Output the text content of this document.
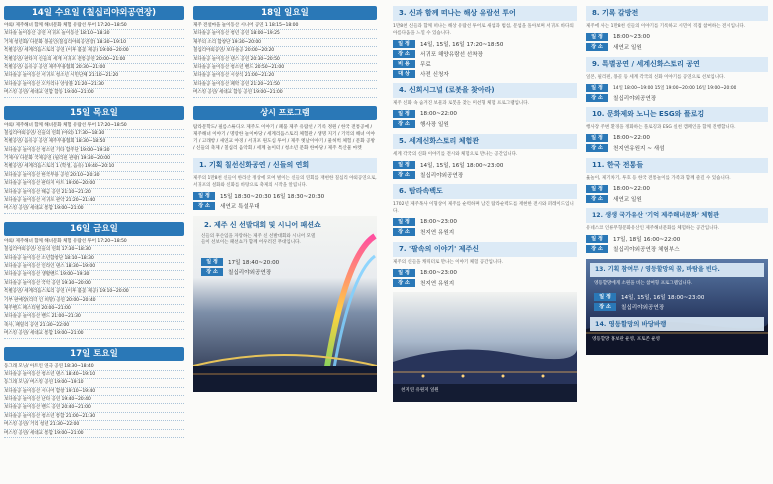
14일 수요일 (칠십리야외공연장)
야외/ 제주해녀 함께 해녀문화 체험 유람선 투어 17:20~18:50
보다솔 놀이동산 공연 서귀포 놀이동산 18:10~18:30
거제 청년회/ 다문화 몽골인(칠십리야외공연장) 18:30~19:10
특별공연/ 세계리듬스토리 공연 (이후 불꽃 제공) 19:00~20:00
특별공연/ 판타지 신들의 세계 서귀포 전통공연 20:00~21:00
특별공연/ 음유공 공연 제주무용협회 20:30~21:00
보다솔공 놀이동산 서귀포 청소년 시민단체 21:10~21:20
보다솔공 놀이동산 오카리나 앙상블 21:20~21:30
버스킹 공연/ 세대교 연합 합동 19:00~21:00
15일 목요일
야외/ 제주해녀 함께 해녀문화 체험 유람선 투어 17:20~18:50
칠십리야외공연/ 신들의 연회 (야외) 17:30~18:30
특별공연/ 음유공 공연 제주무용협회 18:30~18:50
보다솔공 놀이동산 청소년 기타 합주단 19:00~19:30
거제시/ 다문화 국제공연 (필리핀 관광) 19:30~20:00
특별공연/ 세계리듬스토리 1 (학생, 음유) 19:40~20:10
보다솔공 놀이동산 한국무용 공연 20:10~20:30
보다솔공 놀이동산 판타지 아트 19:00~20:00
보다솔공 놀이동산 해금 공연 21:10~21:20
보다솔공 놀이동산 서귀포 관악 21:20~21:40
버스킹 공연/ 세대교 통합 19:00~21:00
16일 금요일
야외/ 제주해녀 함께 해녀문화 체험 유람선 투어 17:20~18:50
칠십리야외공연/ 신들의 연회 17:30~18:30
보다솔공 놀이동산 소년합창단 18:10~18:30
보다솔공 놀이동산 인라인 댄스 18:30~19:00
보다솔공 놀이동산 생활밴드 19:00~19:30
보다솔공 놀이동산 국악 공연 19:30~20:00
특별공연/ 세계리듬스토리 공연 (이후 불꽃 제공) 19:10~20:00
기부 판매장(리더 인 희망) 공연 20:00~20:40
제주밴드 페스티벌 20:00~21:00
보다솔공 놀이동산 밴드 21:00~21:30
축사, 패밀리 공연 21:30~22:00
버스킹 공연/ 세대교 통합 19:00~21:00
17일 토요일
동그래 모닝/ 아트인 연극 공연 18:30~18:40
보다솔공 놀이동산 청소년 댄스 18:40~19:10
동그래 모닝/ 버스킹 공연 19:00~19:10
보다솔공 놀이동산 시니어 합창 19:10~19:40
보다솔공 놀이동산 난타 공연 19:40~20:40
보다솔공 놀이동산 밴드 공연 20:40~21:00
보다솔공 놀이동산 청소년 통합 21:00~21:30
버스킹 공연/ 거리 청년 21:30~22:00
버스킹 공연/ 세대교 통합 19:00~21:00
18일 일요일
제주 전설마을 놀이동산 시니어 공연 1 18:15~18:00
보다솔공 놀이동산 청년 공연 18:00~19:25
제주의 소리 합창단 19:30~20:00
칠십리야외공연/ 보다솔공 20:00~20:20
보다솔공 놀이동산 댄스 공연 20:30~20:50
보다솔공 놀이동산 청소년 밴드 20:50~21:00
보다솔공 놀이동산 시상식 21:00~21:20
보다솔공 놀이동산 폐막 공연 21:20~21:50
버스킹 공연/ 세대교 합동 공연 19:00~21:00
상시 프로그램
탐라문학도/ 필름스튜디오 제주도 이야기 / 폐품 제주 유람선 / 기록 정원 / 한국 전통공예 / 제주해녀 이야기 / 명랑한 놀이마당 / 세계리듬스토리 체험관 / 생명 지기 / 기억의 해녀 이야기 / 고래항 / 새연교 야경 / 서귀포 원도심 투어 / 제주 옛날이야기 / 물허벅 체험 / 문화 공방 / 신들의 축제 / 칠십리 음악회 / 세계 놀이터 / 청소년 문화 한마당 / 제주 특산물 마켓
1. 기획 칠선신화공연 / 신들의 연회
제주의 1만8천 신들이 한라산 정상에 모여 벌이는 신들의 연회를 재현한 칠십리 야외공연으로, 서귀포의 설화와 신화를 바탕으로 축제의 시작을 알립니다.
일 정	15일 18:30~20:30 16일 18:30~20:30
장 소	새연교 특설무대
2. 제주 신 선발대회 및 시니어 패션쇼
신들의 후손임을 자랑하는 제주 신 선발대회와 시니어 모델들이 선보이는 패션쇼가 함께 어우러진 무대입니다.
일 정	17일 18:40~20:00
장 소	칠십리야외공연장
3. 신과 함께 떠나는 해상 유람선 투어
1만8천 신들과 함께 떠나는 해상 유람선 투어로 새섬과 범섬, 문섬을 돌아보며 서귀포 바다의 아름다움을 느낄 수 있습니다.
일 정	14일, 15일, 16일 17:20~18:50
장 소	서귀포 해양유람선 선착장
비 용	무료
대 상	사전 신청자
4. 신희시그널 (로봇을 찾아라)
제주 신화 속 숨겨진 보물과 로봇을 찾는 미션형 체험 프로그램입니다.
일 정	18:00~22:00
장 소	행사장 일원
5. 세계신화스토리 체험관
세계 각국의 신화 이야기를 전시와 체험으로 만나는 공간입니다.
일 정	14일, 15일, 16일 18:00~23:00
장 소	칠십리야외공연장
6. 탐라속백도
1702년 제주목사 이형상이 제주를 순력하며 남긴 탐라순력도를 재현한 전시와 퍼레이드입니다.
일 정	18:00~23:00
장 소	천지연 유원지
7. '팔속의 이야기' 제주신
제주의 신들을 캐릭터로 만나는 이야기 체험 공간입니다.
일 정	18:00~23:00
장 소	천지연 유원지
천지연 유원지 일원
8. 기록 갈방전
제주에 사는 1만8천 신들의 이야기를 기록하고 시민이 직접 참여하는 전시입니다.
일 정	18:00~23:00
장 소	새연교 일원
9. 특별공연 / 세계신화스토리 공연
일본, 필리핀, 몽골 등 세계 각국의 신화 이야기를 공연으로 선보입니다.
일 정	14일 18:00~19:00 15일 19:00~20:00 16일 19:00~20:00
장 소	칠십리야외공연장
10. 문화제와 노니는 ESG와 플로깅
행사장 주변 환경을 정화하는 플로깅과 ESG 실천 캠페인을 함께 진행합니다.
일 정	18:00~22:00
장 소	천지연유원지 ~ 새섬
11. 한국 전통들
윷놀이, 제기차기, 투호 등 한국 전통놀이를 가족과 함께 즐길 수 있습니다.
일 정	18:00~22:00
장 소	새연교 일원
12. 생생 국가유산 '기억 제주해녀문화' 체험관
유네스코 인류무형문화유산인 제주해녀문화를 체험하는 공간입니다.
일 정	17일, 18일 16:00~22:00
장 소	칠십리야외공연장 체험부스
13. 기획 참여무 / 영등할망의 꿈, 바람을 빈다.
영등할망에게 소원을 비는 참여형 프로그램입니다.
일 정	14일, 15일, 16일 18:00~23:00
장 소	칠십리야외공연장
14. 영등할망의 바당바랭
영등할망 홍보관 운영, 포토존 운영
